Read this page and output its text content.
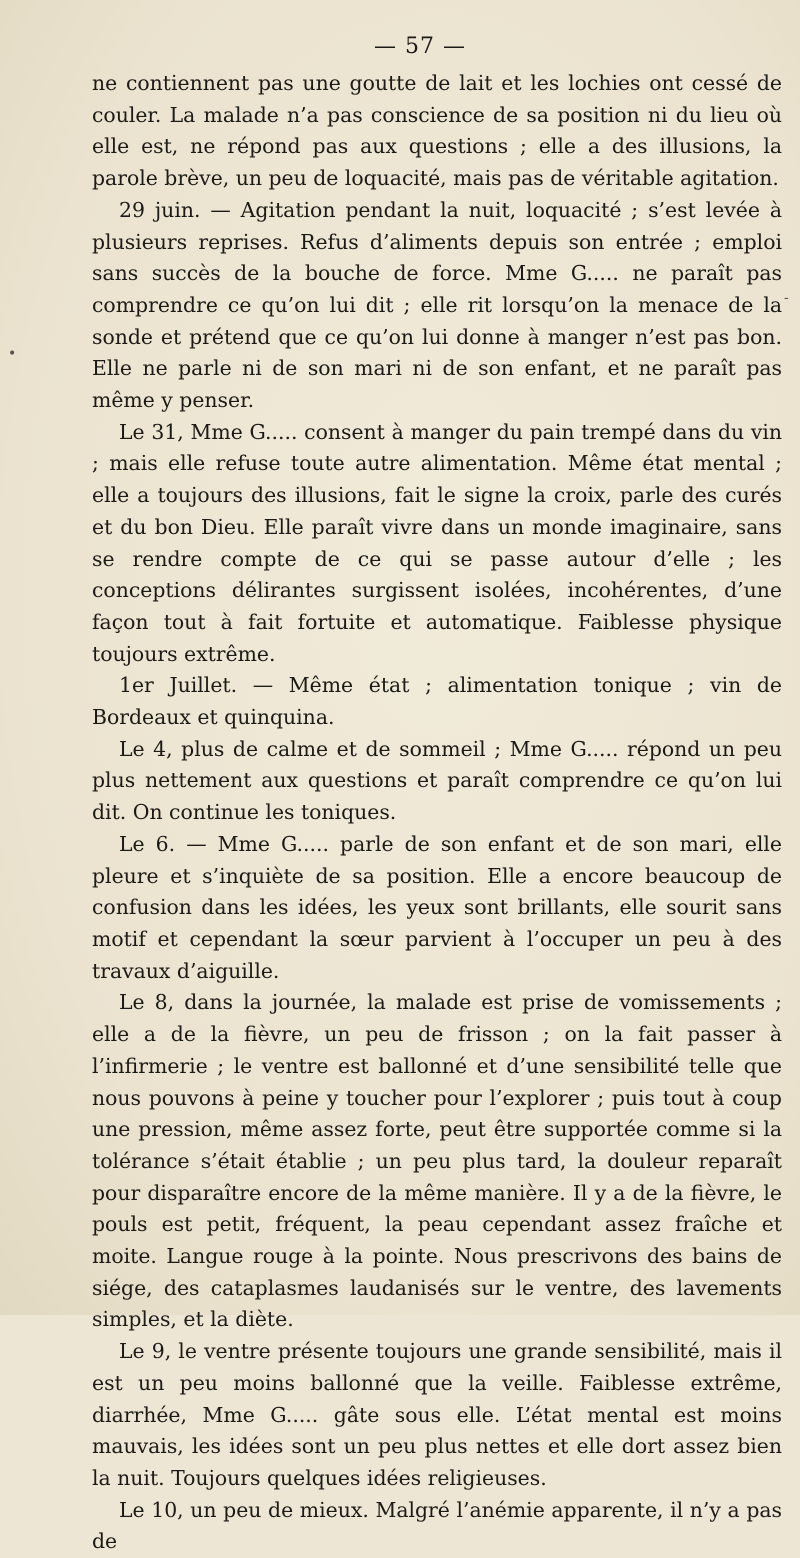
— 57 —
•
-

ne contiennent pas une goutte de lait et les lochies ont cessé de couler. La malade n’a pas conscience de sa position ni du lieu où elle est, ne répond pas aux questions ; elle a des illusions, la parole brève, un peu de loquacité, mais pas de véritable agitation.

29 juin. — Agitation pendant la nuit, loquacité ; s’est levée à plusieurs reprises. Refus d’aliments depuis son entrée ; emploi sans succès de la bouche de force. Mme G..... ne paraît pas comprendre ce qu’on lui dit ; elle rit lorsqu’on la menace de la sonde et prétend que ce qu’on lui donne à manger n’est pas bon. Elle ne parle ni de son mari ni de son enfant, et ne paraît pas même y penser.

Le 31, Mme G..... consent à manger du pain trempé dans du vin ; mais elle refuse toute autre alimentation. Même état mental ; elle a toujours des illusions, fait le signe la croix, parle des curés et du bon Dieu. Elle paraît vivre dans un monde imaginaire, sans se rendre compte de ce qui se passe autour d’elle ; les conceptions délirantes surgissent isolées, incohérentes, d’une façon tout à fait fortuite et automatique. Faiblesse physique toujours extrême.

1er Juillet. — Même état ; alimentation tonique ; vin de Bordeaux et quinquina.

Le 4, plus de calme et de sommeil ; Mme G..... répond un peu plus nettement aux questions et paraît comprendre ce qu’on lui dit. On continue les toniques.

Le 6. — Mme G..... parle de son enfant et de son mari, elle pleure et s’inquiète de sa position. Elle a encore beaucoup de confusion dans les idées, les yeux sont brillants, elle sourit sans motif et cependant la sœur parvient à l’occuper un peu à des travaux d’aiguille.

Le 8, dans la journée, la malade est prise de vomissements ; elle a de la fièvre, un peu de frisson ; on la fait passer à l’infirmerie ; le ventre est ballonné et d’une sensibilité telle que nous pouvons à peine y toucher pour l’explorer ; puis tout à coup une pression, même assez forte, peut être supportée comme si la tolérance s’était établie ; un peu plus tard, la douleur reparaît pour disparaître encore de la même manière. Il y a de la fièvre, le pouls est petit, fréquent, la peau cependant assez fraîche et moite. Langue rouge à la pointe. Nous prescrivons des bains de siége, des cataplasmes laudanisés sur le ventre, des lavements simples, et la diète.

Le 9, le ventre présente toujours une grande sensibilité, mais il est un peu moins ballonné que la veille. Faiblesse extrême, diarrhée, Mme G..... gâte sous elle. L’état mental est moins mauvais, les idées sont un peu plus nettes et elle dort assez bien la nuit. Toujours quelques idées religieuses.

Le 10, un peu de mieux. Malgré l’anémie apparente, il n’y a pas de
